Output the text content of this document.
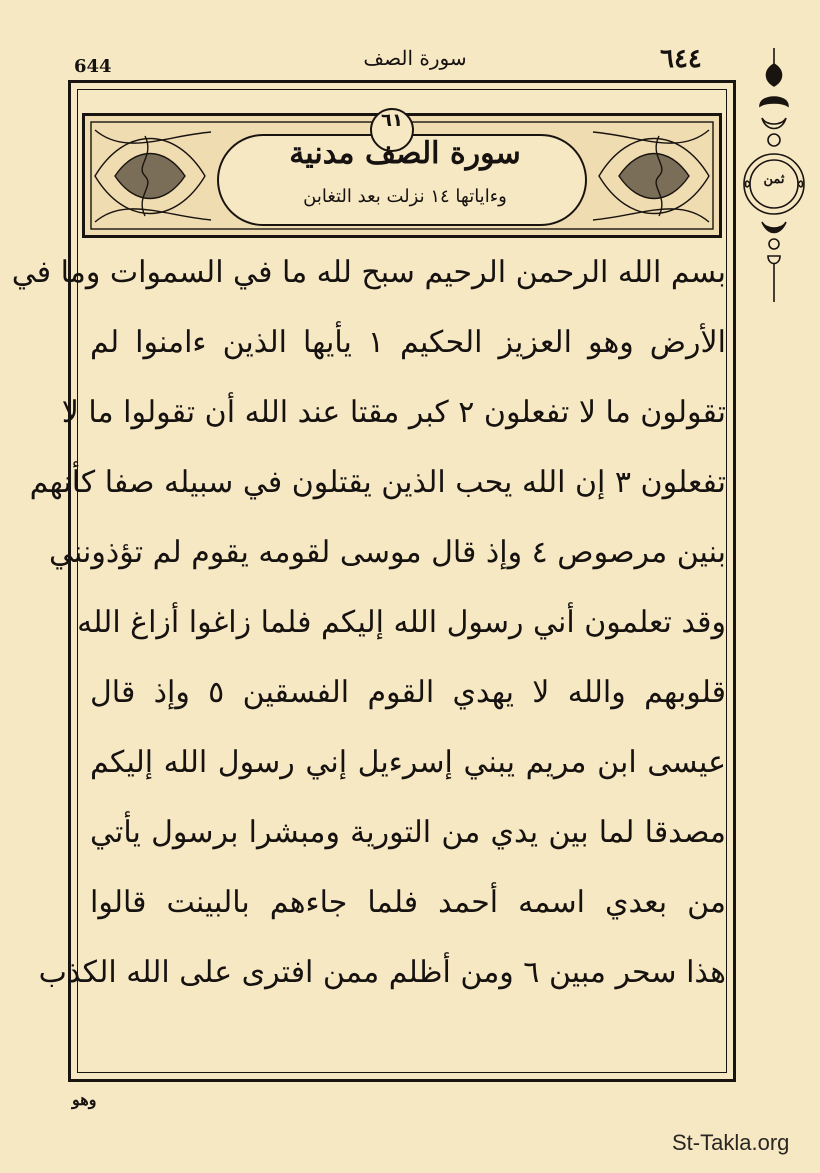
644	سورة الصف	٦٤٤
ثمن
٦١
سورة الصف مدنية
وءاياتها ١٤ نزلت بعد التغابن
بسم الله الرحمن الرحيم سبح لله ما في السموات وما في
الأرض وهو العزيز الحكيم ١ يأيها الذين ءامنوا لم
تقولون ما لا تفعلون ٢ كبر مقتا عند الله أن تقولوا ما لا
تفعلون ٣ إن الله يحب الذين يقتلون في سبيله صفا كأنهم
بنين مرصوص ٤ وإذ قال موسى لقومه يقوم لم تؤذونني
وقد تعلمون أني رسول الله إليكم فلما زاغوا أزاغ الله
قلوبهم والله لا يهدي القوم الفسقين ٥ وإذ قال
عيسى ابن مريم يبني إسرءيل إني رسول الله إليكم
مصدقا لما بين يدي من التورية ومبشرا برسول يأتي
من بعدي اسمه أحمد فلما جاءهم بالبينت قالوا
هذا سحر مبين ٦ ومن أظلم ممن افترى على الله الكذب
وهو
St-Takla.org
